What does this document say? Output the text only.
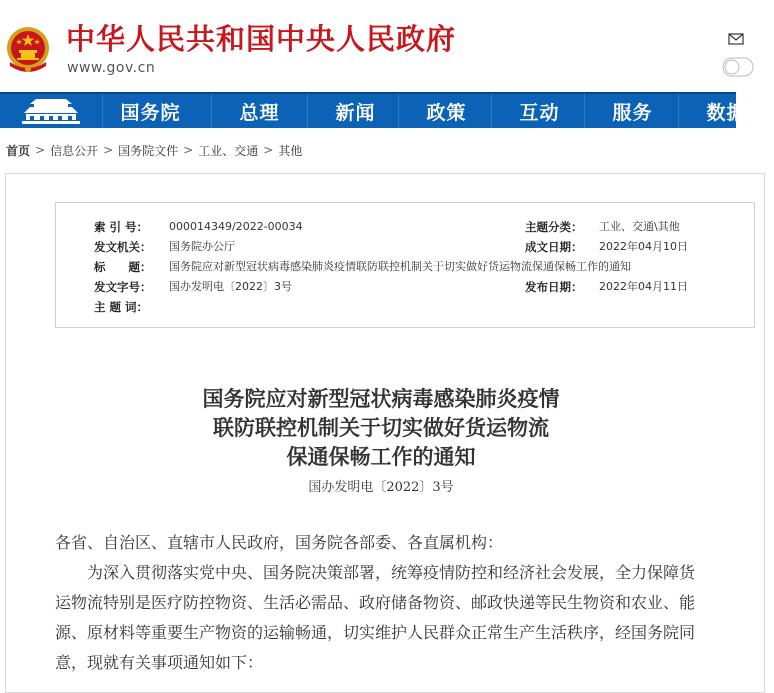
中华人民共和国中央人民政府
www.gov.cn
国务院	总理	新闻	政策	互动	服务	数据
首页 > 信息公开 > 国务院文件 > 工业、交通 > 其他
索 引 号：	000014349/2022-00034	主题分类： 工业、交通\其他
发文机关：	国务院办公厅	成文日期： 2022年04月10日
标　　题：	国务院应对新型冠状病毒感染肺炎疫情联防联控机制关于切实做好货运物流保通保畅工作的通知
发文字号：	国办发明电〔2022〕3号	发布日期： 2022年04月11日
主 题 词：
国务院应对新型冠状病毒感染肺炎疫情
联防联控机制关于切实做好货运物流
保通保畅工作的通知
国办发明电〔2022〕3号

各省、自治区、直辖市人民政府，国务院各部委、各直属机构：

为深入贯彻落实党中央、国务院决策部署，统筹疫情防控和经济社会发展，全力保障货
运物流特别是医疗防控物资、生活必需品、政府储备物资、邮政快递等民生物资和农业、能
源、原材料等重要生产物资的运输畅通，切实维护人民群众正常生产生活秩序，经国务院同
意，现就有关事项通知如下：
